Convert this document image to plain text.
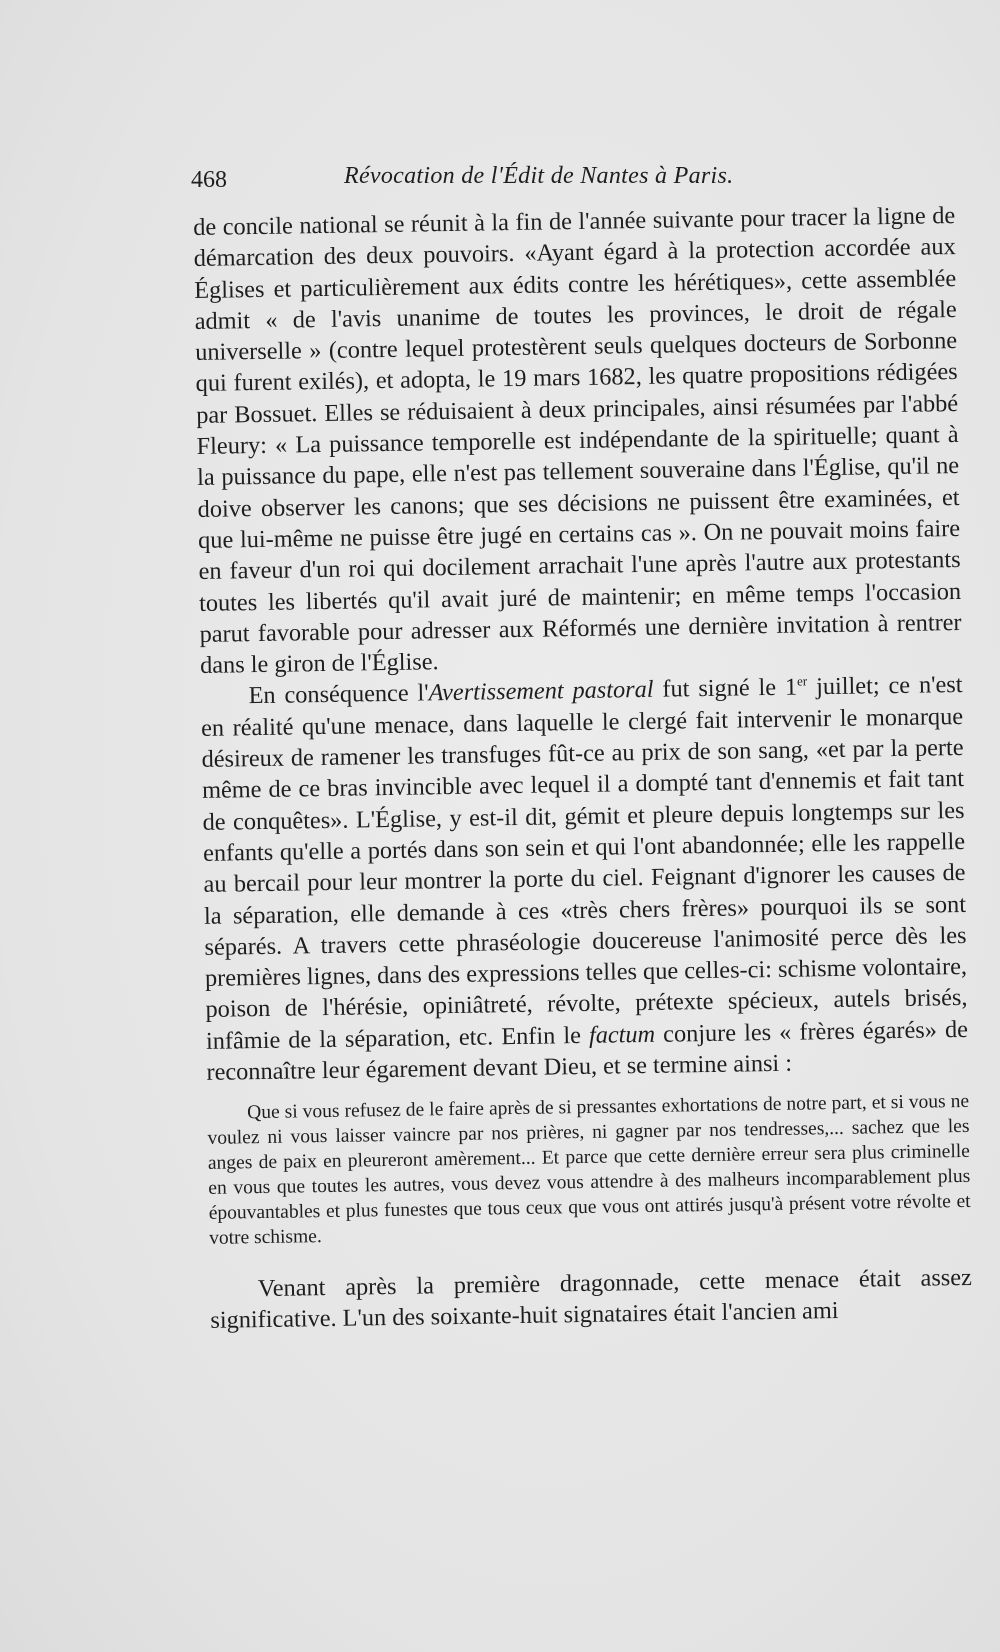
468	Révocation de l'Édit de Nantes à Paris.

de concile national se réunit à la fin de l'année suivante pour tracer la ligne de démarcation des deux pouvoirs. «Ayant égard à la protection accordée aux Églises et particulièrement aux édits contre les hérétiques», cette assemblée admit « de l'avis unanime de toutes les provinces, le droit de régale universelle » (contre lequel protestèrent seuls quelques docteurs de Sorbonne qui furent exilés), et adopta, le 19 mars 1682, les quatre propositions rédigées par Bossuet. Elles se réduisaient à deux principales, ainsi résumées par l'abbé Fleury: « La puissance temporelle est indépendante de la spirituelle; quant à la puissance du pape, elle n'est pas tellement souveraine dans l'Église, qu'il ne doive observer les canons; que ses décisions ne puissent être examinées, et que lui-même ne puisse être jugé en certains cas ». On ne pouvait moins faire en faveur d'un roi qui docilement arrachait l'une après l'autre aux protestants toutes les libertés qu'il avait juré de maintenir; en même temps l'occasion parut favorable pour adresser aux Réformés une dernière invitation à rentrer dans le giron de l'Église.

En conséquence l'Avertissement pastoral fut signé le 1er juillet; ce n'est en réalité qu'une menace, dans laquelle le clergé fait intervenir le monarque désireux de ramener les transfuges fût-ce au prix de son sang, «et par la perte même de ce bras invincible avec lequel il a dompté tant d'ennemis et fait tant de conquêtes». L'Église, y est-il dit, gémit et pleure depuis longtemps sur les enfants qu'elle a portés dans son sein et qui l'ont abandonnée; elle les rappelle au bercail pour leur montrer la porte du ciel. Feignant d'ignorer les causes de la séparation, elle demande à ces «très chers frères» pourquoi ils se sont séparés. A travers cette phraséologie doucereuse l'animosité perce dès les premières lignes, dans des expressions telles que celles-ci: schisme volontaire, poison de l'hérésie, opiniâtreté, révolte, prétexte spécieux, autels brisés, infâmie de la séparation, etc. Enfin le factum conjure les « frères égarés» de reconnaître leur égarement devant Dieu, et se termine ainsi :

Que si vous refusez de le faire après de si pressantes exhortations de notre part, et si vous ne voulez ni vous laisser vaincre par nos prières, ni gagner par nos tendresses,... sachez que les anges de paix en pleureront amèrement... Et parce que cette dernière erreur sera plus criminelle en vous que toutes les autres, vous devez vous attendre à des malheurs incomparablement plus épouvantables et plus funestes que tous ceux que vous ont attirés jusqu'à présent votre révolte et votre schisme.

Venant après la première dragonnade, cette menace était assez significative. L'un des soixante-huit signataires était l'ancien ami
